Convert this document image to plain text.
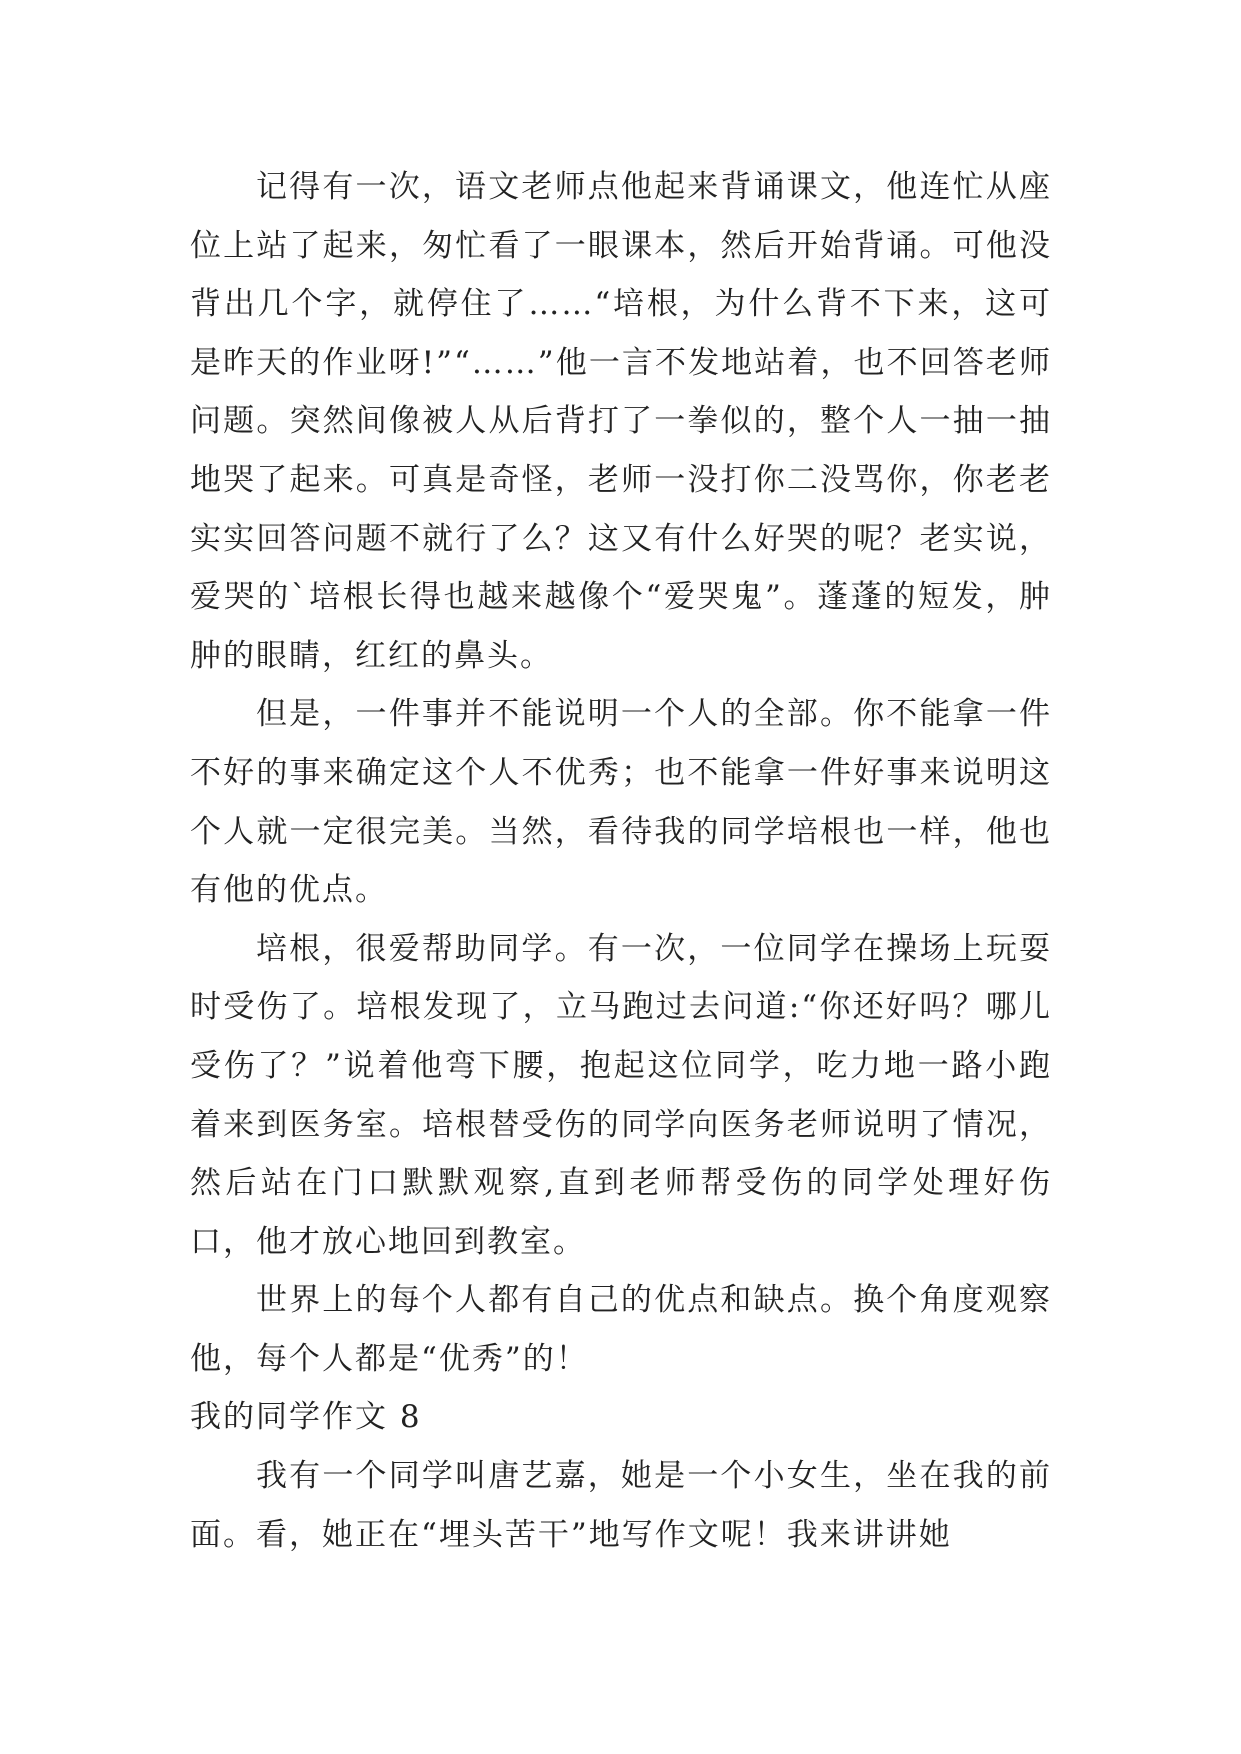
记得有一次，语文老师点他起来背诵课文，他连忙从座位上站了起来，匆忙看了一眼课本，然后开始背诵。可他没背出几个字，就停住了……“培根，为什么背不下来，这可是昨天的作业呀!”“……”他一言不发地站着，也不回答老师问题。突然间像被人从后背打了一拳似的，整个人一抽一抽地哭了起来。可真是奇怪，老师一没打你二没骂你，你老老实实回答问题不就行了么？这又有什么好哭的呢？老实说，爱哭的`培根长得也越来越像个“爱哭鬼”。蓬蓬的短发，肿肿的眼睛，红红的鼻头。

但是，一件事并不能说明一个人的全部。你不能拿一件不好的事来确定这个人不优秀；也不能拿一件好事来说明这个人就一定很完美。当然，看待我的同学培根也一样，他也有他的优点。

培根，很爱帮助同学。有一次，一位同学在操场上玩耍时受伤了。培根发现了，立马跑过去问道:“你还好吗？哪儿受伤了？”说着他弯下腰，抱起这位同学，吃力地一路小跑着来到医务室。培根替受伤的同学向医务老师说明了情况，然后站在门口默默观察,直到老师帮受伤的同学处理好伤口，他才放心地回到教室。

世界上的每个人都有自己的优点和缺点。换个角度观察他，每个人都是“优秀”的！

我的同学作文 8

我有一个同学叫唐艺嘉，她是一个小女生，坐在我的前面。看，她正在“埋头苦干”地写作文呢！我来讲讲她
